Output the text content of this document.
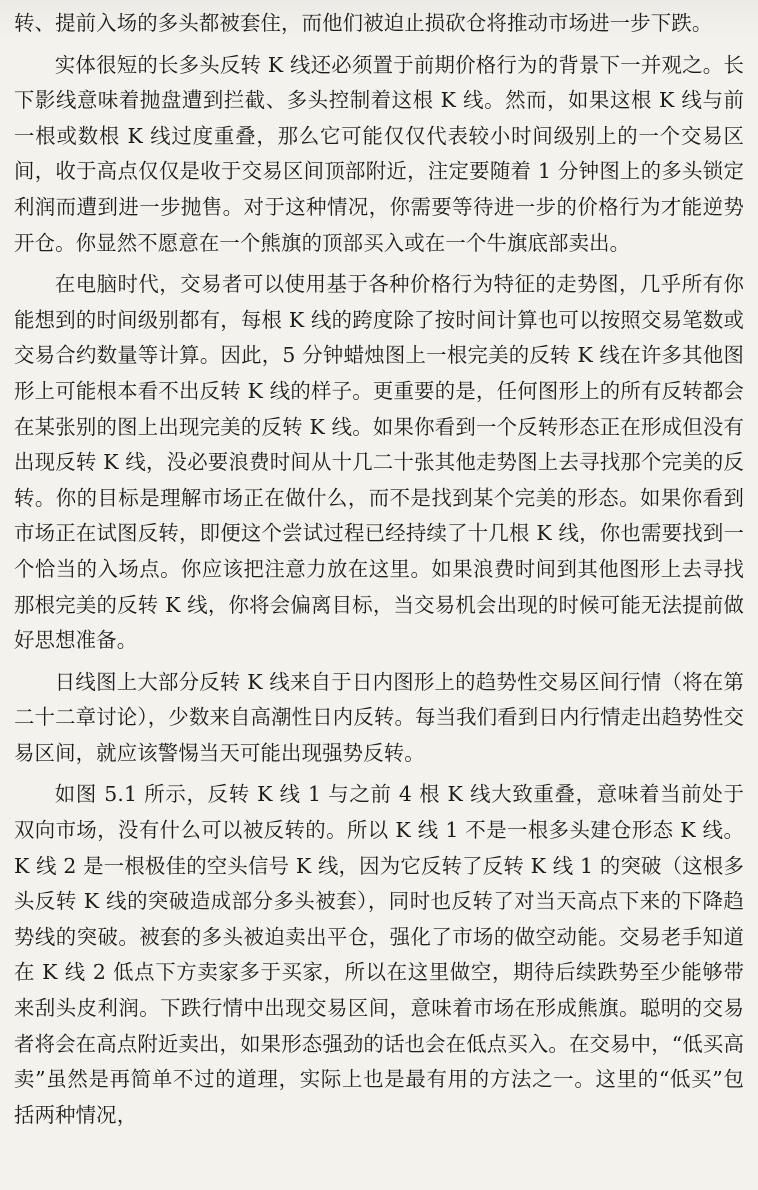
转、提前入场的多头都被套住，而他们被迫止损砍仓将推动市场进一步下跌。

实体很短的长多头反转 K 线还必须置于前期价格行为的背景下一并观之。长下影线意味着抛盘遭到拦截、多头控制着这根 K 线。然而，如果这根 K 线与前一根或数根 K 线过度重叠，那么它可能仅仅代表较小时间级别上的一个交易区间，收于高点仅仅是收于交易区间顶部附近，注定要随着 1 分钟图上的多头锁定利润而遭到进一步抛售。对于这种情况，你需要等待进一步的价格行为才能逆势开仓。你显然不愿意在一个熊旗的顶部买入或在一个牛旗底部卖出。

在电脑时代，交易者可以使用基于各种价格行为特征的走势图，几乎所有你能想到的时间级别都有，每根 K 线的跨度除了按时间计算也可以按照交易笔数或交易合约数量等计算。因此，5 分钟蜡烛图上一根完美的反转 K 线在许多其他图形上可能根本看不出反转 K 线的样子。更重要的是，任何图形上的所有反转都会在某张别的图上出现完美的反转 K 线。如果你看到一个反转形态正在形成但没有出现反转 K 线，没必要浪费时间从十几二十张其他走势图上去寻找那个完美的反转。你的目标是理解市场正在做什么，而不是找到某个完美的形态。如果你看到市场正在试图反转，即便这个尝试过程已经持续了十几根 K 线，你也需要找到一个恰当的入场点。你应该把注意力放在这里。如果浪费时间到其他图形上去寻找那根完美的反转 K 线，你将会偏离目标，当交易机会出现的时候可能无法提前做好思想准备。

日线图上大部分反转 K 线来自于日内图形上的趋势性交易区间行情（将在第二十二章讨论），少数来自高潮性日内反转。每当我们看到日内行情走出趋势性交易区间，就应该警惕当天可能出现强势反转。

如图 5.1 所示，反转 K 线 1 与之前 4 根 K 线大致重叠，意味着当前处于双向市场，没有什么可以被反转的。所以 K 线 1 不是一根多头建仓形态 K 线。K 线 2 是一根极佳的空头信号 K 线，因为它反转了反转 K 线 1 的突破（这根多头反转 K 线的突破造成部分多头被套），同时也反转了对当天高点下来的下降趋势线的突破。被套的多头被迫卖出平仓，强化了市场的做空动能。交易老手知道在 K 线 2 低点下方卖家多于买家，所以在这里做空，期待后续跌势至少能够带来刮头皮利润。下跌行情中出现交易区间，意味着市场在形成熊旗。聪明的交易者将会在高点附近卖出，如果形态强劲的话也会在低点买入。在交易中，“低买高卖”虽然是再简单不过的道理，实际上也是最有用的方法之一。这里的“低买”包括两种情况，
